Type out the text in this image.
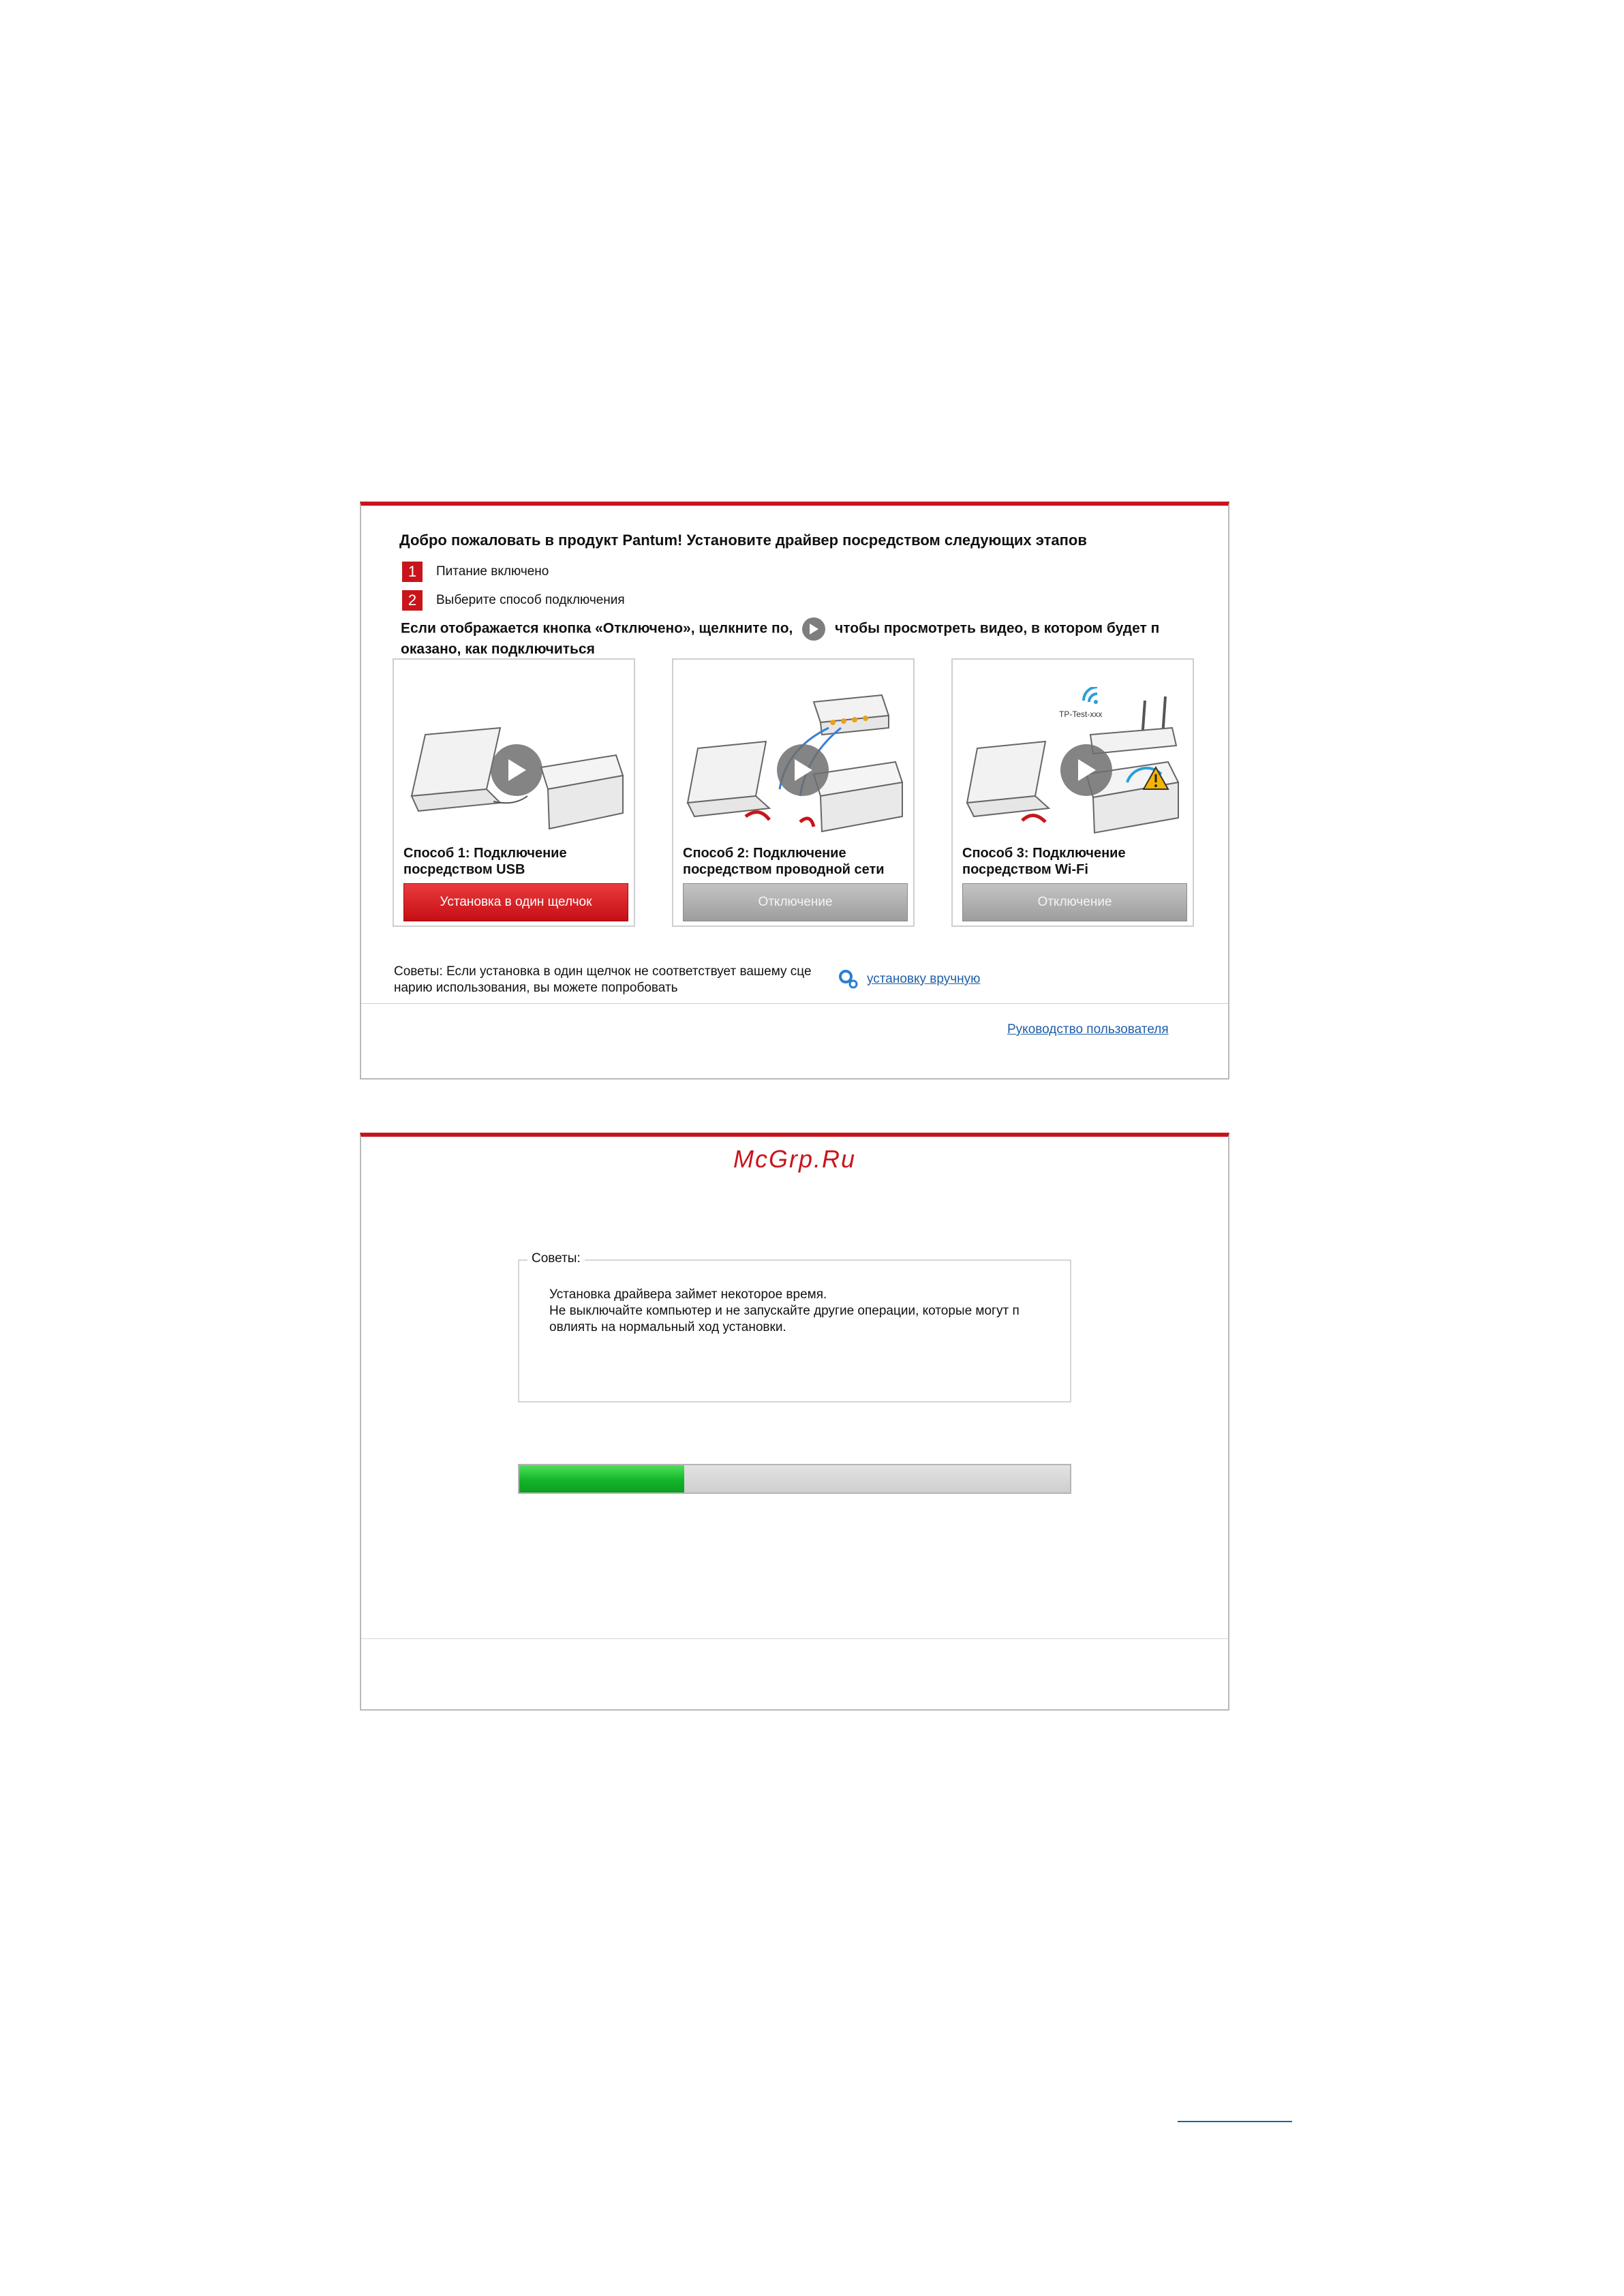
Добро пожаловать в продукт Pantum! Установите драйвер посредством следующих этапов
1	Питание включено
2	Выберите способ подключения
Если отображается кнопка «Отключено», щелкните по,	чтобы просмотреть видео, в котором будет п оказано, как подключиться
Способ 1: Подключение посредством USB
Установка в один щелчок
Способ 2: Подключение посредством проводной сети
Отключение
TP-Test-xxx
Способ 3: Подключение посредством Wi-Fi
Отключение
Советы: Если установка в один щелчок не соответствует вашему сце нарию использования, вы можете попробовать
установку вручную
Руководство пользователя
McGrp.Ru
Советы:
Установка драйвера займет некоторое время.
Не выключайте компьютер и не запускайте другие операции, которые могут п
овлиять на нормальный ход установки.
